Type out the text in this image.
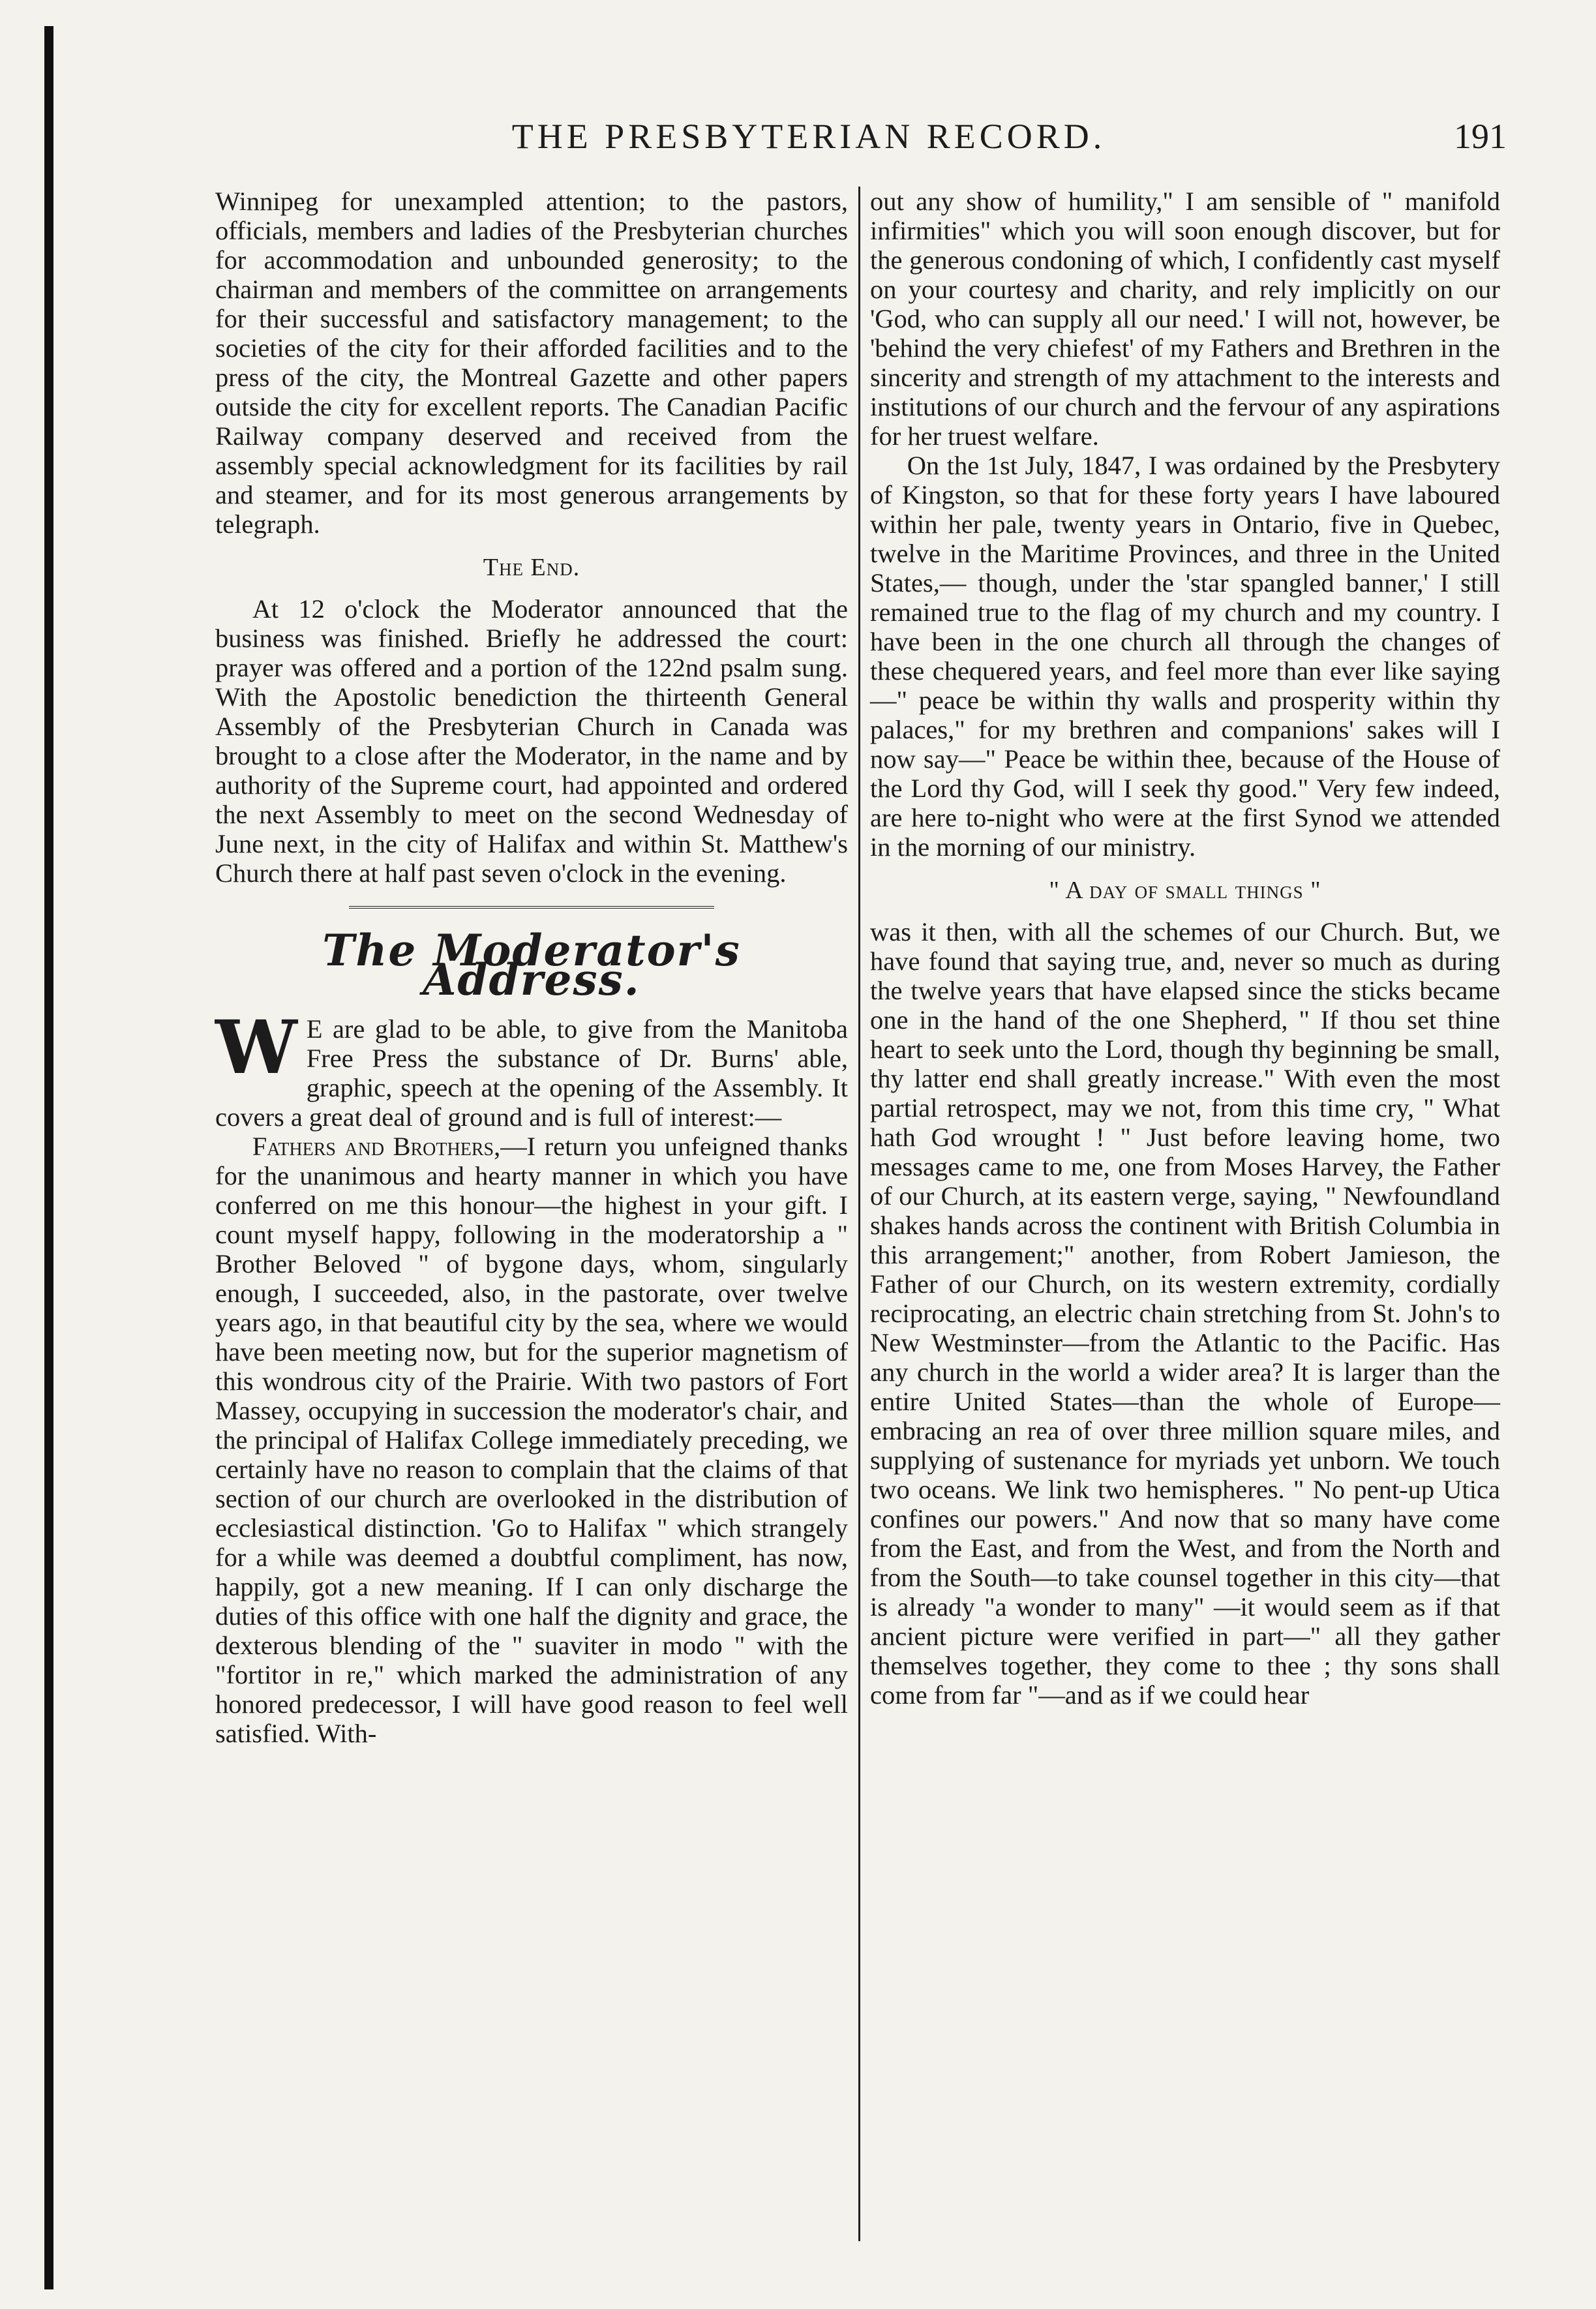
THE PRESBYTERIAN RECORD.	191

Winnipeg for unexampled attention; to the pastors, officials, members and ladies of the Presbyterian churches for accommodation and unbounded generosity; to the chairman and members of the committee on arrangements for their successful and satisfactory management; to the societies of the city for their afforded facilities and to the press of the city, the Montreal Gazette and other papers outside the city for excellent reports. The Canadian Pacific Railway company deserved and received from the assembly special acknowledgment for its facilities by rail and steamer, and for its most generous arrangements by telegraph.

The End.

At 12 o'clock the Moderator announced that the business was finished. Briefly he addressed the court: prayer was offered and a portion of the 122nd psalm sung. With the Apostolic benediction the thirteenth General Assembly of the Presbyterian Church in Canada was brought to a close after the Moderator, in the name and by authority of the Supreme court, had appointed and ordered the next Assembly to meet on the second Wednesday of June next, in the city of Halifax and within St. Matthew's Church there at half past seven o'clock in the evening.

The Moderator's Address.

W E are glad to be able, to give from the Manitoba Free Press the substance of Dr. Burns' able, graphic, speech at the opening of the Assembly. It covers a great deal of ground and is full of interest:—

Fathers and Brothers,—I return you unfeigned thanks for the unanimous and hearty manner in which you have conferred on me this honour—the highest in your gift. I count myself happy, following in the moderatorship a " Brother Beloved " of bygone days, whom, singularly enough, I succeeded, also, in the pastorate, over twelve years ago, in that beautiful city by the sea, where we would have been meeting now, but for the superior magnetism of this wondrous city of the Prairie. With two pastors of Fort Massey, occupying in succession the moderator's chair, and the principal of Halifax College immediately preceding, we certainly have no reason to complain that the claims of that section of our church are overlooked in the distribution of ecclesiastical distinction. 'Go to Halifax " which strangely for a while was deemed a doubtful compliment, has now, happily, got a new meaning. If I can only discharge the duties of this office with one half the dignity and grace, the dexterous blending of the " suaviter in modo " with the "fortitor in re," which marked the administration of any honored predecessor, I will have good reason to feel well satisfied. With-

out any show of humility," I am sensible of " manifold infirmities" which you will soon enough discover, but for the generous condoning of which, I confidently cast myself on your courtesy and charity, and rely implicitly on our 'God, who can supply all our need.' I will not, however, be 'behind the very chiefest' of my Fathers and Brethren in the sincerity and strength of my attachment to the interests and institutions of our church and the fervour of any aspirations for her truest welfare.

On the 1st July, 1847, I was ordained by the Presbytery of Kingston, so that for these forty years I have laboured within her pale, twenty years in Ontario, five in Quebec, twelve in the Maritime Provinces, and three in the United States,— though, under the 'star spangled banner,' I still remained true to the flag of my church and my country. I have been in the one church all through the changes of these chequered years, and feel more than ever like saying—" peace be within thy walls and prosperity within thy palaces," for my brethren and companions' sakes will I now say—" Peace be within thee, because of the House of the Lord thy God, will I seek thy good." Very few indeed, are here to-night who were at the first Synod we attended in the morning of our ministry.

" A day of small things "

was it then, with all the schemes of our Church. But, we have found that saying true, and, never so much as during the twelve years that have elapsed since the sticks became one in the hand of the one Shepherd, " If thou set thine heart to seek unto the Lord, though thy beginning be small, thy latter end shall greatly increase." With even the most partial retrospect, may we not, from this time cry, " What hath God wrought ! " Just before leaving home, two messages came to me, one from Moses Harvey, the Father of our Church, at its eastern verge, saying, " Newfoundland shakes hands across the continent with British Columbia in this arrangement;" another, from Robert Jamieson, the Father of our Church, on its western extremity, cordially reciprocating, an electric chain stretching from St. John's to New Westminster—from the Atlantic to the Pacific. Has any church in the world a wider area? It is larger than the entire United States—than the whole of Europe— embracing an rea of over three million square miles, and supplying of sustenance for myriads yet unborn. We touch two oceans. We link two hemispheres. " No pent-up Utica confines our powers." And now that so many have come from the East, and from the West, and from the North and from the South—to take counsel together in this city—that is already "a wonder to many" —it would seem as if that ancient picture were verified in part—" all they gather themselves together, they come to thee ; thy sons shall come from far "—and as if we could hear
